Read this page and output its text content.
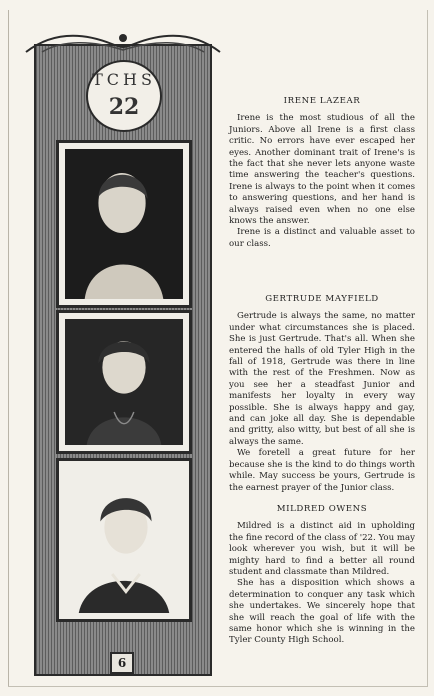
TCHS
22
6
IRENE LAZEAR

Irene is the most studious of all the Juniors. Above all Irene is a first class critic. No errors have ever escaped her eyes. Another dominant trait of Irene's is the fact that she never lets anyone waste time answering the teacher's questions. Irene is always to the point when it comes to answering questions, and her hand is always raised even when no one else knows the answer.

Irene is a distinct and valuable asset to our class.

GERTRUDE MAYFIELD

Gertrude is always the same, no matter under what circumstances she is placed. She is just Gertrude. That's all. When she entered the halls of old Tyler High in the fall of 1918, Gertrude was there in line with the rest of the Freshmen. Now as you see her a steadfast Junior and manifests her loyalty in every way possible. She is always happy and gay, and can joke all day. She is dependable and gritty, also witty, but best of all she is always the same.

We foretell a great future for her because she is the kind to do things worth while. May success be yours, Gertrude is the earnest prayer of the Junior class.

MILDRED OWENS

Mildred is a distinct aid in upholding the fine record of the class of '22. You may look wherever you wish, but it will be mighty hard to find a better all round student and classmate than Mildred.

She has a disposition which shows a determination to conquer any task which she undertakes. We sincerely hope that she will reach the goal of life with the same honor which she is winning in the Tyler County High School.
